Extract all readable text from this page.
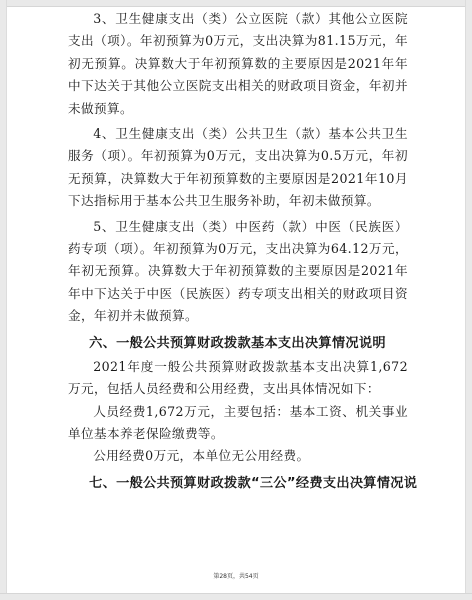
3、卫生健康支出（类）公立医院（款）其他公立医院支出（项）。年初预算为0万元，支出决算为81.15万元，年初无预算。决算数大于年初预算数的主要原因是2021年年中下达关于其他公立医院支出相关的财政项目资金，年初并未做预算。

4、卫生健康支出（类）公共卫生（款）基本公共卫生服务（项）。年初预算为0万元，支出决算为0.5万元，年初无预算，决算数大于年初预算数的主要原因是2021年10月下达指标用于基本公共卫生服务补助，年初未做预算。

5、卫生健康支出（类）中医药（款）中医（民族医）药专项（项）。年初预算为0万元，支出决算为64.12万元，年初无预算。决算数大于年初预算数的主要原因是2021年年中下达关于中医（民族医）药专项支出相关的财政项目资金，年初并未做预算。

六、一般公共预算财政拨款基本支出决算情况说明

2021年度一般公共预算财政拨款基本支出决算1,672万元，包括人员经费和公用经费，支出具体情况如下：

人员经费1,672万元，主要包括：基本工资、机关事业单位基本养老保险缴费等。

公用经费0万元，本单位无公用经费。

七、一般公共预算财政拨款“三公”经费支出决算情况说
第28页，共54页
